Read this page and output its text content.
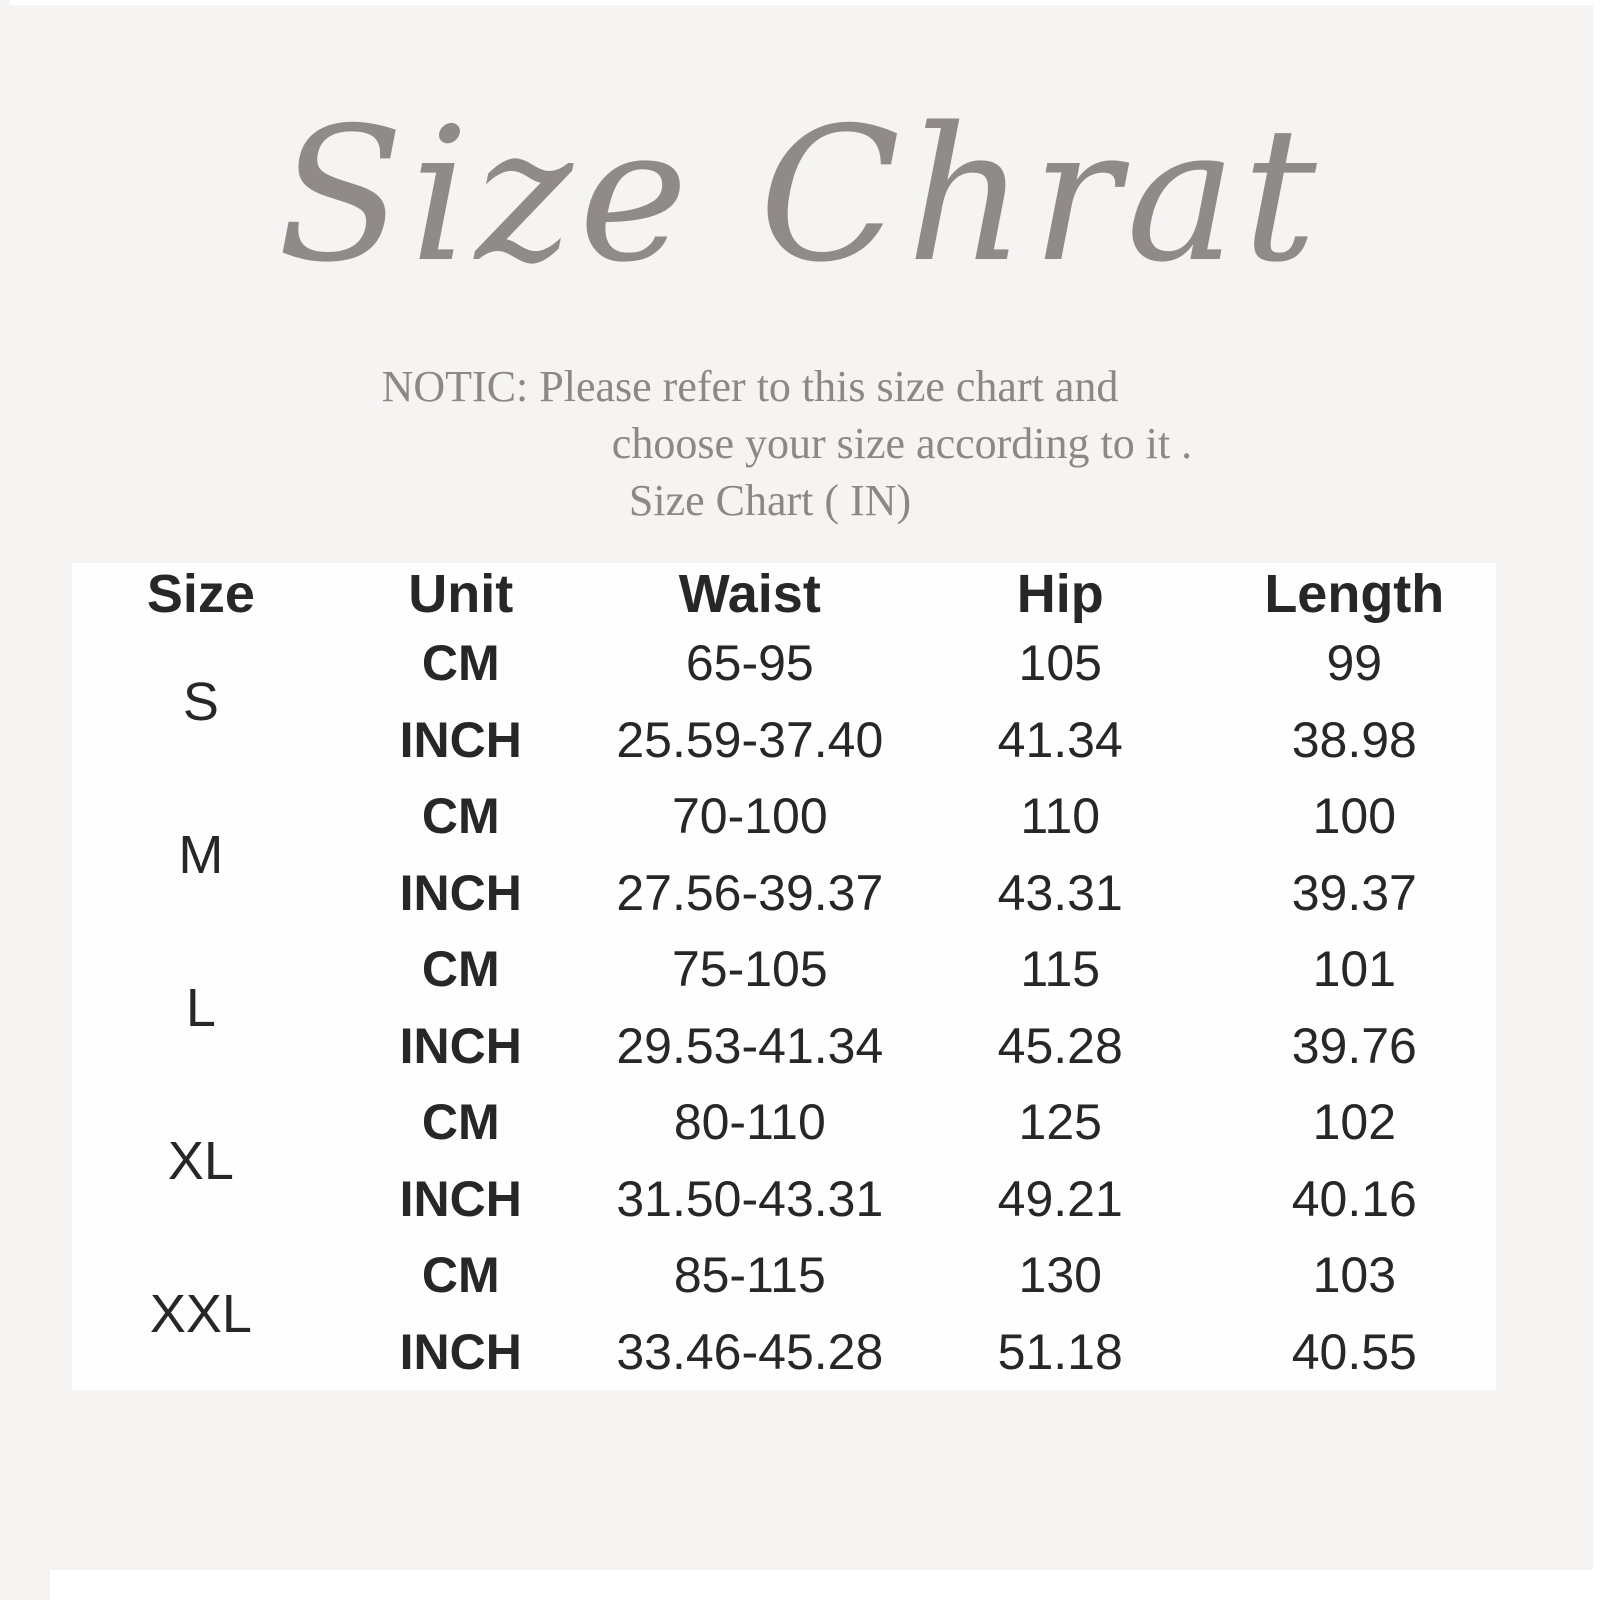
Size Chrat
NOTIC: Please refer to this size chart and
choose your size according to it .
Size Chart ( IN)
Size	Unit	Waist	Hip	Length
S	CM	65-95	105	99
	INCH	25.59-37.40	41.34	38.98
M	CM	70-100	110	100
	INCH	27.56-39.37	43.31	39.37
L	CM	75-105	115	101
	INCH	29.53-41.34	45.28	39.76
XL	CM	80-110	125	102
	INCH	31.50-43.31	49.21	40.16
XXL	CM	85-115	130	103
	INCH	33.46-45.28	51.18	40.55
